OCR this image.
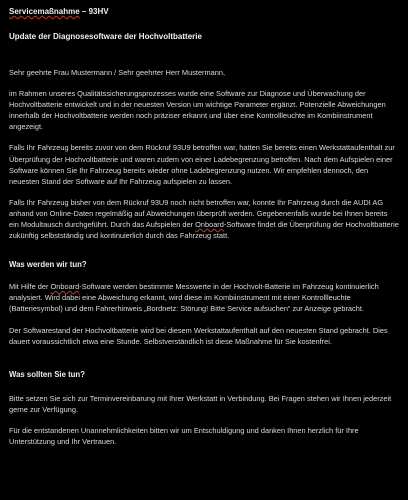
Servicemaßnahme – 93HV
Update der Diagnosesoftware der Hochvoltbatterie

Sehr geehrte Frau Mustermann / Sehr geehrter Herr Mustermann,

im Rahmen unseres Qualitätssicherungsprozesses wurde eine Software zur Diagnose und Überwachung der Hochvoltbatterie entwickelt und in der neuesten Version um wichtige Parameter ergänzt. Potenzielle Abweichungen innerhalb der Hochvoltbatterie werden noch präziser erkannt und über eine Kontrollleuchte im Kombiinstrument angezeigt.

Falls Ihr Fahrzeug bereits zuvor von dem Rückruf 93U9 betroffen war, hatten Sie bereits einen Werkstattaufenthalt zur Überprüfung der Hochvoltbatterie und waren zudem von einer Ladebegrenzung betroffen. Nach dem Aufspielen einer Software können Sie Ihr Fahrzeug bereits wieder ohne Ladebegrenzung nutzen. Wir empfehlen dennoch, den neuesten Stand der Software auf Ihr Fahrzeug aufspielen zu lassen.

Falls Ihr Fahrzeug bisher von dem Rückruf 93U9 noch nicht betroffen war, konnte Ihr Fahrzeug durch die AUDI AG anhand von Online-Daten regelmäßig auf Abweichungen überprüft werden. Gegebenenfalls wurde bei Ihnen bereits ein Modultausch durchgeführt. Durch das Aufspielen der Onboard-Software findet die Überprüfung der Hochvoltbatterie zukünftig selbstständig und kontinuierlich durch das Fahrzeug statt.

Was werden wir tun?

Mit Hilfe der Onboard-Software werden bestimmte Messwerte in der Hochvolt-Batterie im Fahrzeug kontinuierlich analysiert. Wird dabei eine Abweichung erkannt, wird diese im Kombiinstrument mit einer Kontrollleuchte (Batteriesymbol) und dem Fahrerhinweis „Bordnetz: Störung! Bitte Service aufsuchen“ zur Anzeige gebracht.

Der Softwarestand der Hochvoltbatterie wird bei diesem Werkstattaufenthalt auf den neuesten Stand gebracht. Dies dauert voraussichtlich etwa eine Stunde. Selbstverständlich ist diese Maßnahme für Sie kostenfrei.

Was sollten Sie tun?

Bitte setzen Sie sich zur Terminvereinbarung mit Ihrer Werkstatt in Verbindung. Bei Fragen stehen wir Ihnen jederzeit gerne zur Verfügung.

Für die entstandenen Unannehmlichkeiten bitten wir um Entschuldigung und danken Ihnen herzlich für Ihre Unterstützung und Ihr Vertrauen.
